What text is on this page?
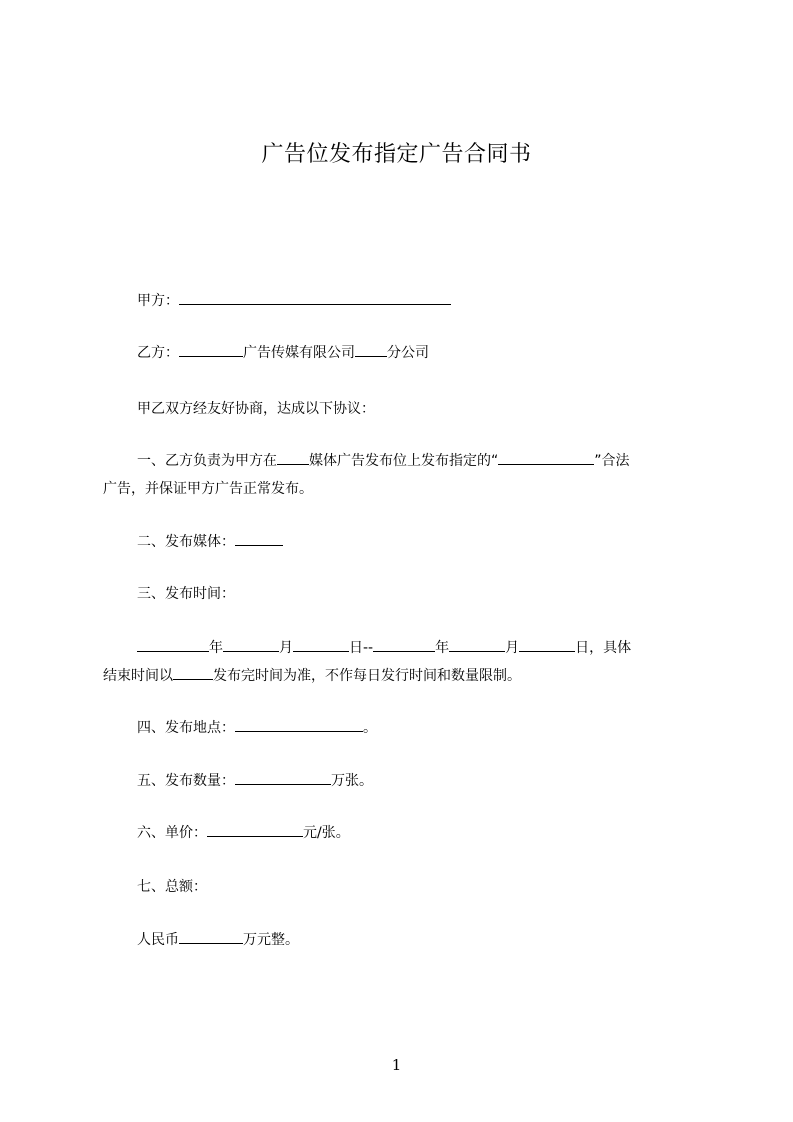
广告位发布指定广告合同书
甲方：
乙方：	广告传媒有限公司 分公司
甲乙双方经友好协商，达成以下协议：
一、乙方负责为甲方在 媒体广告发布位上发布指定的“	”合法
广告，并保证甲方广告正常发布。
二、发布媒体：
三、发布时间：
年	月	日--	年	月	日，具体
结束时间以	发布完时间为准，不作每日发行时间和数量限制。
四、发布地点：	。
五、发布数量：	万张。
六、单价：	元/张。
七、总额：
人民币	万元整。
1
